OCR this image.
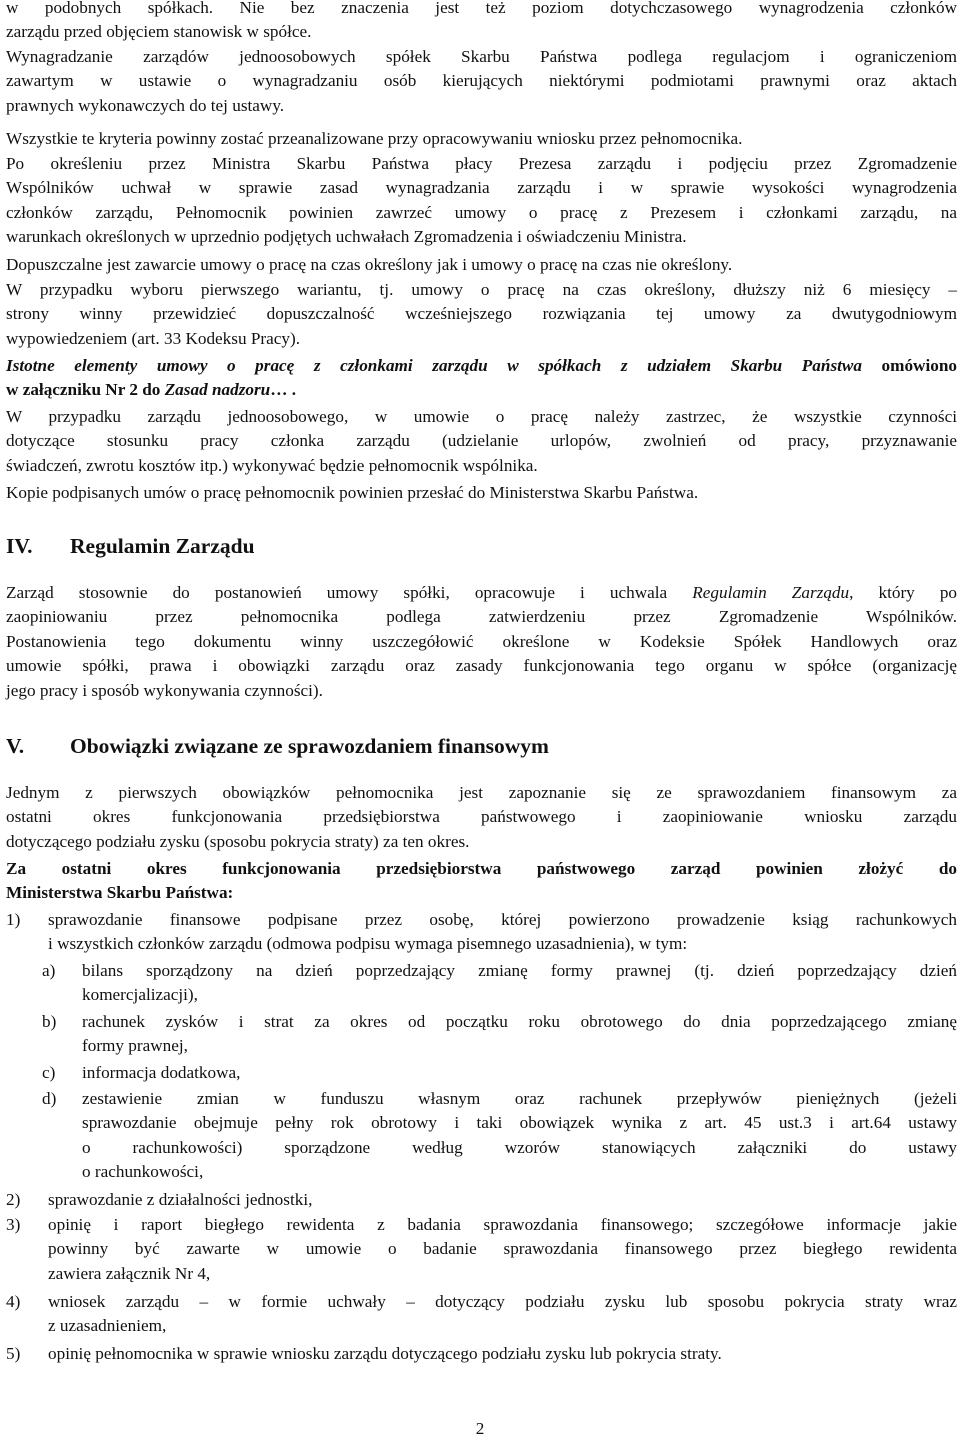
w podobnych spółkach. Nie bez znaczenia jest też poziom dotychczasowego wynagrodzenia członków
zarządu przed objęciem stanowisk w spółce.

Wynagradzanie zarządów jednoosobowych spółek Skarbu Państwa podlega regulacjom i ograniczeniom
zawartym w ustawie o wynagradzaniu osób kierujących niektórymi podmiotami prawnymi oraz aktach
prawnych wykonawczych do tej ustawy.

Wszystkie te kryteria powinny zostać przeanalizowane przy opracowywaniu wniosku przez pełnomocnika.

Po określeniu przez Ministra Skarbu Państwa płacy Prezesa zarządu i podjęciu przez Zgromadzenie
Wspólników uchwał w sprawie zasad wynagradzania zarządu i w sprawie wysokości wynagrodzenia
członków zarządu, Pełnomocnik powinien zawrzeć umowy o pracę z Prezesem i członkami zarządu, na
warunkach określonych w uprzednio podjętych uchwałach Zgromadzenia i oświadczeniu Ministra.

Dopuszczalne jest zawarcie umowy o pracę na czas określony jak i umowy o pracę na czas nie określony.

W przypadku wyboru pierwszego wariantu, tj. umowy o pracę na czas określony, dłuższy niż 6 miesięcy –
strony winny przewidzieć dopuszczalność wcześniejszego rozwiązania tej umowy za dwutygodniowym
wypowiedzeniem (art. 33 Kodeksu Pracy).

Istotne elementy umowy o pracę z członkami zarządu w spółkach z udziałem Skarbu Państwa omówiono
w załączniku Nr 2 do Zasad nadzoru… .

W przypadku zarządu jednoosobowego, w umowie o pracę należy zastrzec, że wszystkie czynności
dotyczące stosunku pracy członka zarządu (udzielanie urlopów, zwolnień od pracy, przyznawanie
świadczeń, zwrotu kosztów itp.) wykonywać będzie pełnomocnik wspólnika.

Kopie podpisanych umów o pracę pełnomocnik powinien przesłać do Ministerstwa Skarbu Państwa.

IV. Regulamin Zarządu

Zarząd stosownie do postanowień umowy spółki, opracowuje i uchwala Regulamin Zarządu, który po
zaopiniowaniu przez pełnomocnika podlega zatwierdzeniu przez Zgromadzenie Wspólników.
Postanowienia tego dokumentu winny uszczegółowić określone w Kodeksie Spółek Handlowych oraz
umowie spółki, prawa i obowiązki zarządu oraz zasady funkcjonowania tego organu w spółce (organizację
jego pracy i sposób wykonywania czynności).

V. Obowiązki związane ze sprawozdaniem finansowym

Jednym z pierwszych obowiązków pełnomocnika jest zapoznanie się ze sprawozdaniem finansowym za
ostatni okres funkcjonowania przedsiębiorstwa państwowego i zaopiniowanie wniosku zarządu
dotyczącego podziału zysku (sposobu pokrycia straty) za ten okres.

Za ostatni okres funkcjonowania przedsiębiorstwa państwowego zarząd powinien złożyć do
Ministerstwa Skarbu Państwa:

1) sprawozdanie finansowe podpisane przez osobę, której powierzono prowadzenie ksiąg rachunkowych
i wszystkich członków zarządu (odmowa podpisu wymaga pisemnego uzasadnienia), w tym:
a) bilans sporządzony na dzień poprzedzający zmianę formy prawnej (tj. dzień poprzedzający dzień
komercjalizacji),
b) rachunek zysków i strat za okres od początku roku obrotowego do dnia poprzedzającego zmianę
formy prawnej,
c) informacja dodatkowa,
d) zestawienie zmian w funduszu własnym oraz rachunek przepływów pieniężnych (jeżeli
sprawozdanie obejmuje pełny rok obrotowy i taki obowiązek wynika z art. 45 ust.3 i art.64 ustawy
o rachunkowości) sporządzone według wzorów stanowiących załączniki do ustawy
o rachunkowości,
2) sprawozdanie z działalności jednostki,
3) opinię i raport biegłego rewidenta z badania sprawozdania finansowego; szczegółowe informacje jakie
powinny być zawarte w umowie o badanie sprawozdania finansowego przez biegłego rewidenta
zawiera załącznik Nr 4,
4) wniosek zarządu – w formie uchwały – dotyczący podziału zysku lub sposobu pokrycia straty wraz
z uzasadnieniem,
5) opinię pełnomocnika w sprawie wniosku zarządu dotyczącego podziału zysku lub pokrycia straty.
2
